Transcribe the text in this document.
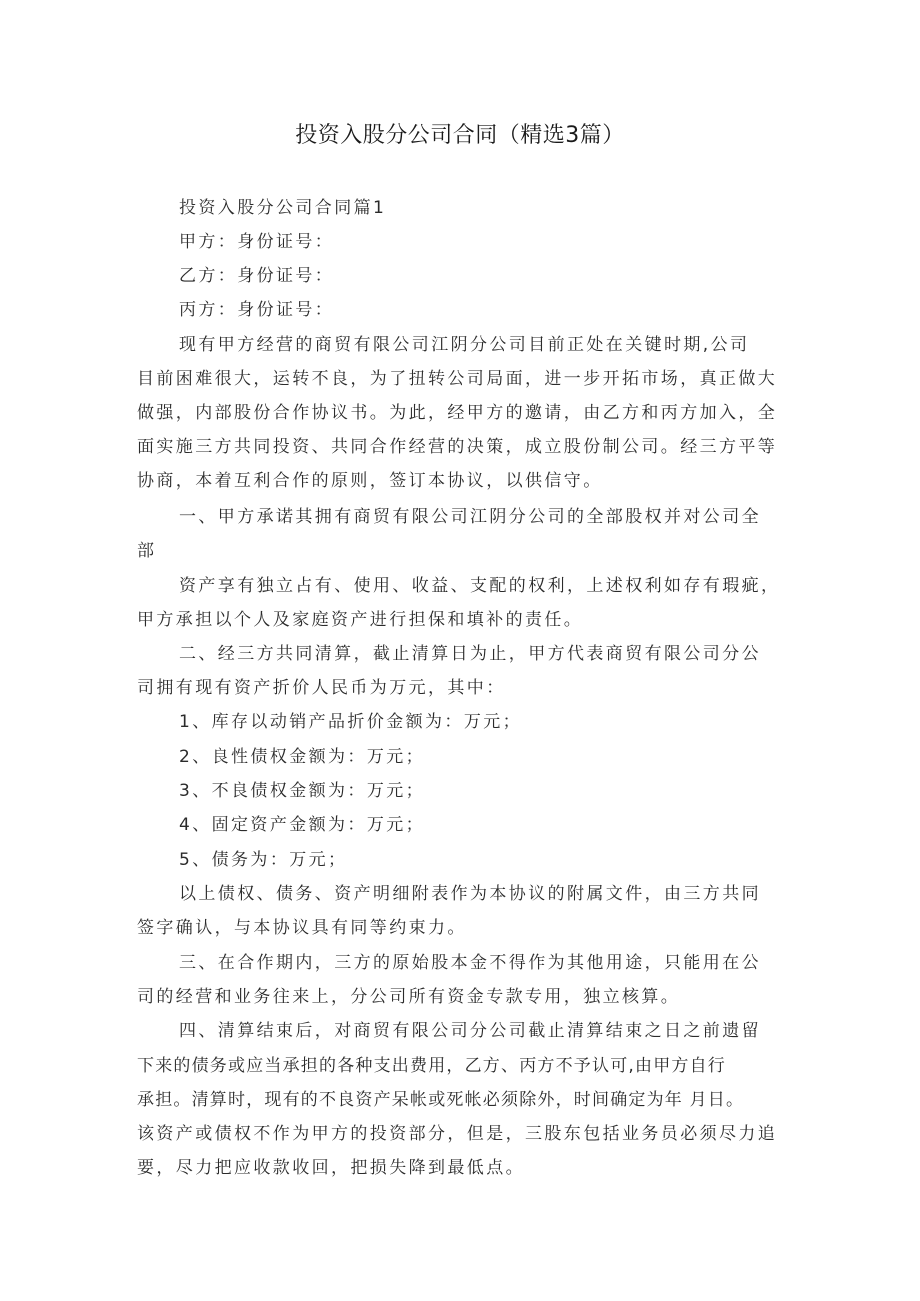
投资入股分公司合同（精选3篇）

投资入股分公司合同篇1

甲方：身份证号：

乙方：身份证号：

丙方：身份证号：

现有甲方经营的商贸有限公司江阴分公司目前正处在关键时期,公司

目前困难很大，运转不良，为了扭转公司局面，进一步开拓市场，真正做大

做强，内部股份合作协议书。为此，经甲方的邀请，由乙方和丙方加入，全

面实施三方共同投资、共同合作经营的决策，成立股份制公司。经三方平等

协商，本着互利合作的原则，签订本协议，以供信守。

一、甲方承诺其拥有商贸有限公司江阴分公司的全部股权并对公司全

部

资产享有独立占有、使用、收益、支配的权利，上述权利如存有瑕疵，

甲方承担以个人及家庭资产进行担保和填补的责任。

二、经三方共同清算，截止清算日为止，甲方代表商贸有限公司分公

司拥有现有资产折价人民币为万元，其中：

1、库存以动销产品折价金额为：万元；

2、良性债权金额为：万元；

3、不良债权金额为：万元；

4、固定资产金额为：万元；

5、债务为：万元；

以上债权、债务、资产明细附表作为本协议的附属文件，由三方共同

签字确认，与本协议具有同等约束力。

三、在合作期内，三方的原始股本金不得作为其他用途，只能用在公

司的经营和业务往来上，分公司所有资金专款专用，独立核算。

四、清算结束后，对商贸有限公司分公司截止清算结束之日之前遗留

下来的债务或应当承担的各种支出费用，乙方、丙方不予认可,由甲方自行

承担。清算时，现有的不良资产呆帐或死帐必须除外，时间确定为年 月日。

该资产或债权不作为甲方的投资部分，但是，三股东包括业务员必须尽力追

要，尽力把应收款收回，把损失降到最低点。
